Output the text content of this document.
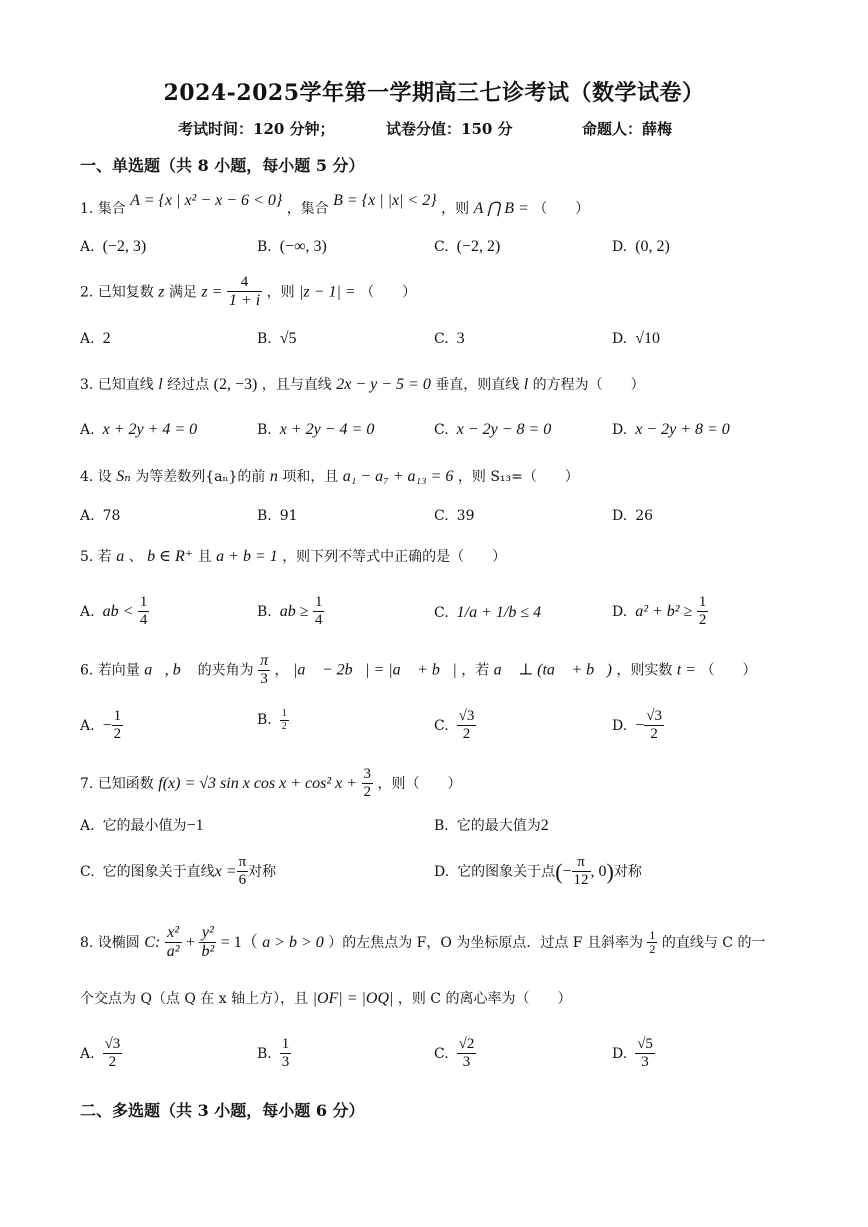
2024-2025学年第一学期高三七诊考试（数学试卷）
考试时间：120 分钟；	试卷分值：150 分	命题人：薛梅
一、单选题（共 8 小题，每小题 5 分）
1. 集合 A = {x | x² − x − 6 < 0} ，集合 B = {x | |x| < 2} ，则 A ⋂ B = （　　）
A. (−2, 3)	B. (−∞, 3)	C. (−2, 2)	D. (0, 2)
2. 已知复数 z 满足 $z = \frac{4}{1 + i}$ ，则 |z − 1| = （　　）
A. 2	B. √5	C. 3	D. √10
3. 已知直线 l 经过点 (2, −3) ，且与直线 2x − y − 5 = 0 垂直，则直线 l 的方程为（　　）
A. x + 2y + 4 = 0	B. x + 2y − 4 = 0	C. x − 2y − 8 = 0	D. x − 2y + 8 = 0
4. 设 Sₙ 为等差数列{aₙ}的前 n 项和，且 a₁ − a₇ + a₁₃ = 6 ，则 S₁₃=（　　）
A. 78	B. 91	C. 39	D. 26
5. 若 a 、 b ∈ R⁺ 且 a + b = 1 ，则下列不等式中正确的是（　　）
A. ab < $\frac{1}{4}$	B. ab ≥ $\frac{1}{4}$	C. 1/a + 1/b ≤ 4	D. $a^2 + b^2 \ge \frac{1}{2}$
6. 若向量 a⃗, b⃗ 的夹角为 $\frac{\pi}{3}$ ， |a⃗ − 2b⃗| = |a⃗ + b⃗| ，若 a⃗ ⊥ (ta⃗ + b⃗) ，则实数 t = （　　）
A. − $\frac{1}{2}$	B. $\frac{1}{2}$	C. $\frac{√3}{2}$	D. − $\frac{√3}{2}$
7. 已知函数 f(x) = √3 sin x cos x + cos² $x + \frac{3}{2}$ ，则（　　）
A. 它的最小值为−1	B. 它的最大值为2
C. 它的图象关于直线$x = \frac{\pi}{6}$ 对称	D. 它的图象关于点(− $\frac{\pi}{12}$ , 0)对称
8. 设椭圆 C: $\frac{\text{x²}}{\text{a²}} + \frac{\text{y²}}{\text{b²}} = 1$（ a > b > 0 ）的左焦点为 F，O 为坐标原点．过点 F 且斜率为 $\frac{1}{2}$ 的直线与 C 的一
个交点为 Q（点 Q 在 x 轴上方），且 |OF| = |OQ| ，则 C 的离心率为（　　）
A. $\frac{√3}{2}$	B. $\frac{1}{3}$	C. $\frac{√2}{3}$	D. $\frac{√5}{3}$
二、多选题（共 3 小题，每小题 6 分）
